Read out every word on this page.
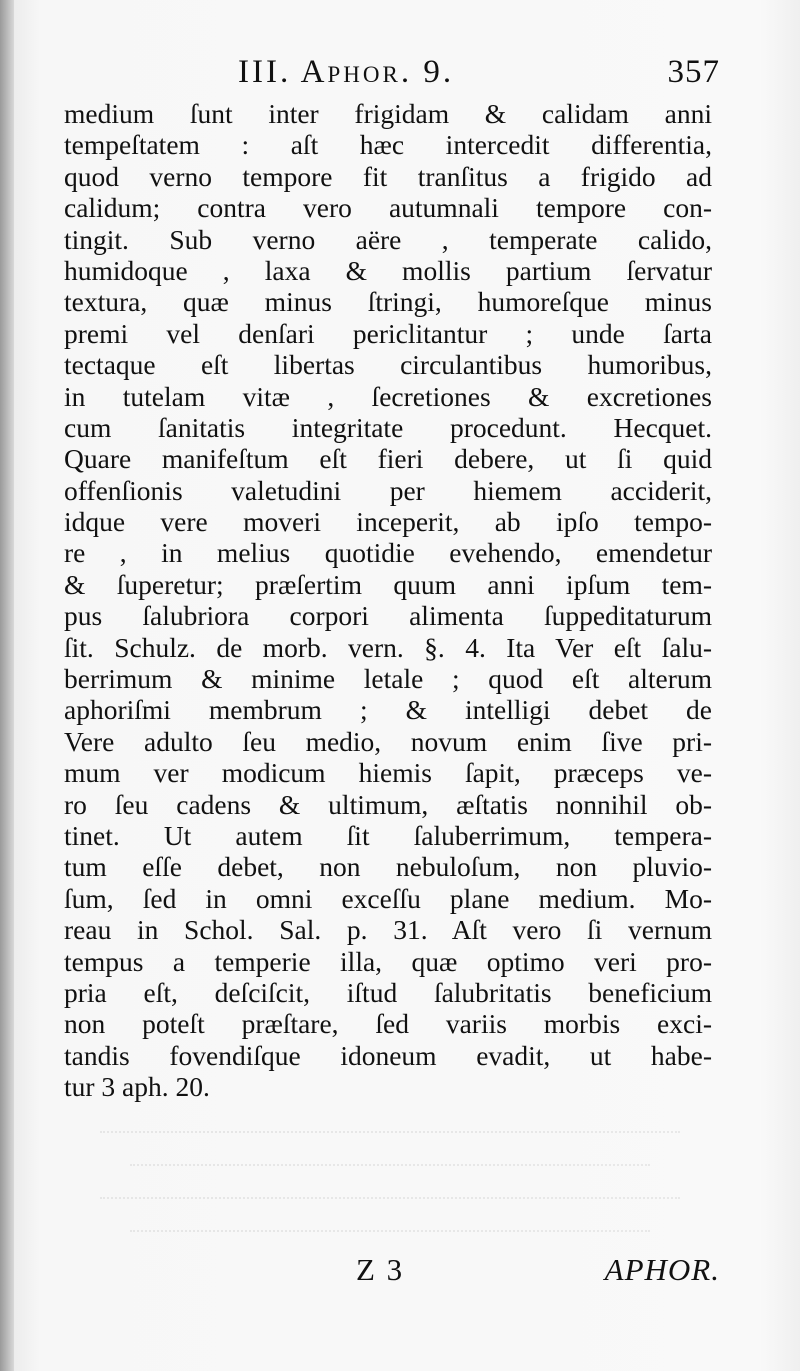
III. Aphor. 9.	357
medium ſunt inter frigidam & calidam anni
tempeſtatem : aſt hæc intercedit differentia,
quod verno tempore fit tranſitus a frigido ad
calidum; contra vero autumnali tempore con-
tingit. Sub verno aëre , temperate calido,
humidoque , laxa & mollis partium ſervatur
textura, quæ minus ſtringi, humoreſque minus
premi vel denſari periclitantur ; unde ſarta
tectaque eſt libertas circulantibus humoribus,
in tutelam vitæ , ſecretiones & excretiones
cum ſanitatis integritate procedunt. Hecquet.
Quare manifeſtum eſt fieri debere, ut ſi quid
offenſionis valetudini per hiemem acciderit,
idque vere moveri inceperit, ab ipſo tempo-
re , in melius quotidie evehendo, emendetur
& ſuperetur; præſertim quum anni ipſum tem-
pus ſalubriora corpori alimenta ſuppeditaturum
ſit. Schulz. de morb. vern. §. 4. Ita Ver eſt ſalu-
berrimum & minime letale ; quod eſt alterum
aphoriſmi membrum ; & intelligi debet de
Vere adulto ſeu medio, novum enim ſive pri-
mum ver modicum hiemis ſapit, præceps ve-
ro ſeu cadens & ultimum, æſtatis nonnihil ob-
tinet. Ut autem ſit ſaluberrimum, tempera-
tum eſſe debet, non nebuloſum, non pluvio-
ſum, ſed in omni exceſſu plane medium. Mo-
reau in Schol. Sal. p. 31. Aſt vero ſi vernum
tempus a temperie illa, quæ optimo veri pro-
pria eſt, deſciſcit, iſtud ſalubritatis beneficium
non poteſt præſtare, ſed variis morbis exci-
tandis fovendiſque idoneum evadit, ut habe-
tur 3 aph. 20.
Z 3	APHOR.
